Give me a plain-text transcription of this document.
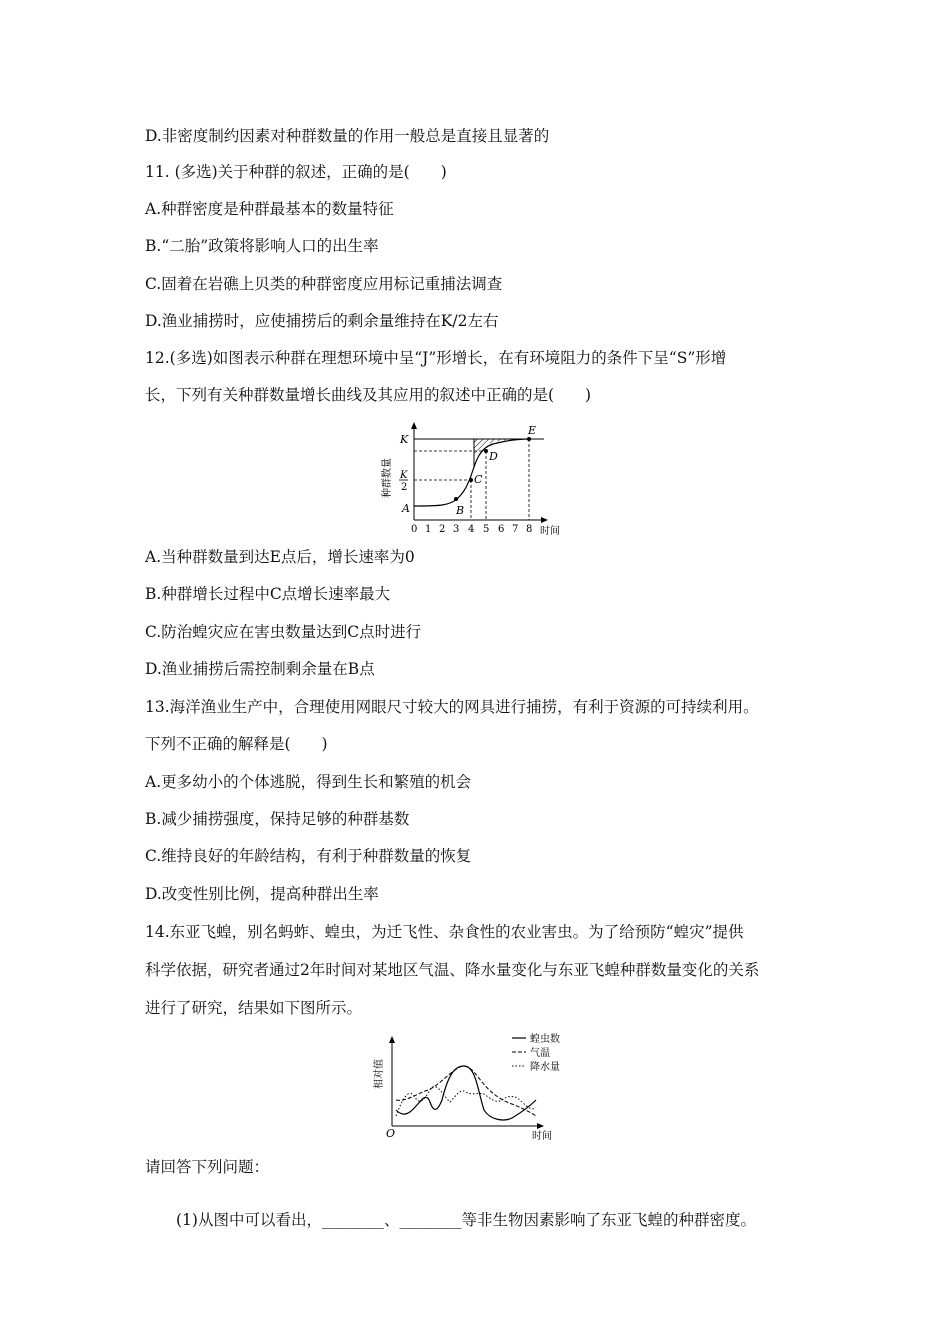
D.非密度制约因素对种群数量的作用一般总是直接且显著的
11. (多选)关于种群的叙述，正确的是(　　)
A.种群密度是种群最基本的数量特征
B.“二胎”政策将影响人口的出生率
C.固着在岩礁上贝类的种群密度应用标记重捕法调查
D.渔业捕捞时，应使捕捞后的剩余量维持在K/2左右
12.(多选)如图表示种群在理想环境中呈“J”形增长，在有环境阻力的条件下呈“S”形增
长，下列有关种群数量增长曲线及其应用的叙述中正确的是(　　)
A.当种群数量到达E点后，增长速率为0
B.种群增长过程中C点增长速率最大
C.防治蝗灾应在害虫数量达到C点时进行
D.渔业捕捞后需控制剩余量在B点
13.海洋渔业生产中，合理使用网眼尺寸较大的网具进行捕捞，有利于资源的可持续利用。
下列不正确的解释是(　　)
A.更多幼小的个体逃脱，得到生长和繁殖的机会
B.减少捕捞强度，保持足够的种群基数
C.维持良好的年龄结构，有利于种群数量的恢复
D.改变性别比例，提高种群出生率
14.东亚飞蝗，别名蚂蚱、蝗虫，为迁飞性、杂食性的农业害虫。为了给预防“蝗灾”提供
科学依据，研究者通过2年时间对某地区气温、降水量变化与东亚飞蝗种群数量变化的关系
进行了研究，结果如下图所示。
请回答下列问题：
(1)从图中可以看出，________、________等非生物因素影响了东亚飞蝗的种群密度。
A	B
C
D
E
K
K
2
种群数量
0 1 2 3 4 5 6 7 8 时间
O	时间
相对值
蝗虫数
气温
降水量
